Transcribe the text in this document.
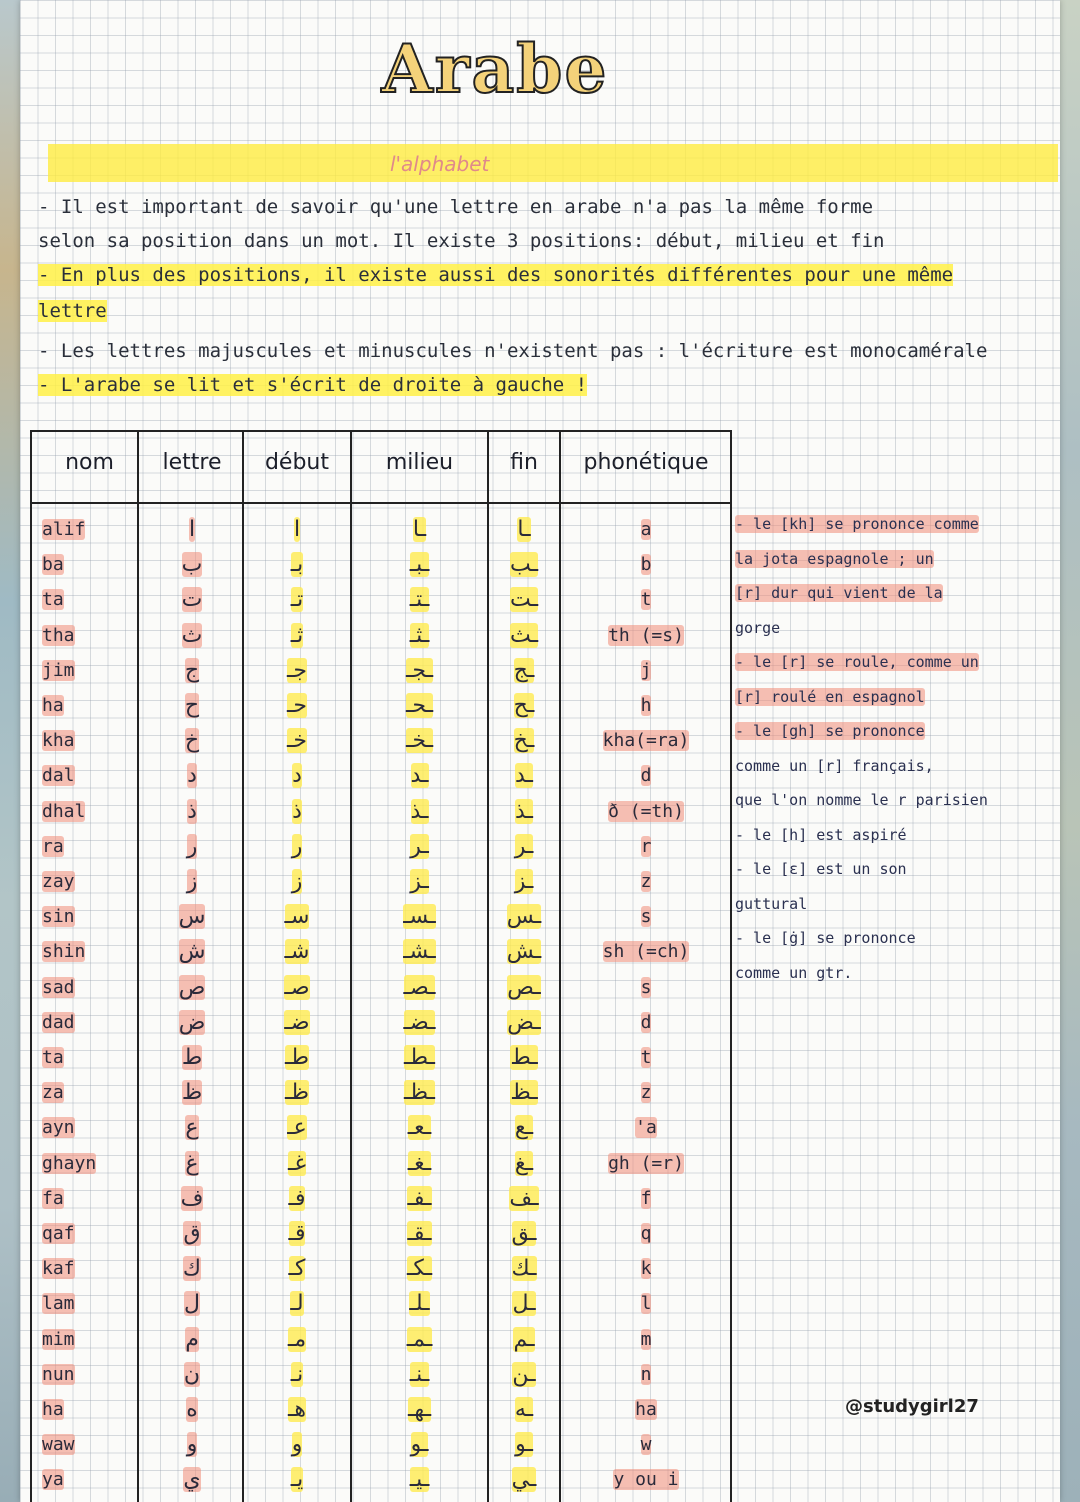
Arabe
l'alphabet
- Il est important de savoir qu'une lettre en arabe n'a pas la même forme
selon sa position dans un mot. Il existe 3 positions: début, milieu et fin
- En plus des positions, il existe aussi des sonorités différentes pour une même
lettre
- Les lettres majuscules et minuscules n'existent pas : l'écriture est monocamérale
- L'arabe se lit et s'écrit de droite à gauche !
nom	lettre	début	milieu	fin	phonétique
alif	ا	ا	ـا	ـا	a
ba	ب	بـ	ـبـ	ـب	b
ta	ت	تـ	ـتـ	ـت	t
tha	ث	ثـ	ـثـ	ـث	th (=s)
jim	ج	جـ	ـجـ	ـج	j
ha	ح	حـ	ـحـ	ـح	h
kha	خ	خـ	ـخـ	ـخ	kha(=ra)
dal	د	د	ـد	ـد	d
dhal	ذ	ذ	ـذ	ـذ	ð (=th)
ra	ر	ر	ـر	ـر	r
zay	ز	ز	ـز	ـز	z
sin	س	سـ	ـسـ	ـس	s
shin	ش	شـ	ـشـ	ـش	sh (=ch)
sad	ص	صـ	ـصـ	ـص	s
dad	ض	ضـ	ـضـ	ـض	d
ta	ط	طـ	ـطـ	ـط	t
za	ظ	ظـ	ـظـ	ـظ	z
ayn	ع	عـ	ـعـ	ـع	'a
ghayn	غ	غـ	ـغـ	ـغ	gh (=r)
fa	ف	فـ	ـفـ	ـف	f
qaf	ق	قـ	ـقـ	ـق	q
kaf	ك	كـ	ـكـ	ـك	k
lam	ل	لـ	ـلـ	ـل	l
mim	م	مـ	ـمـ	ـم	m
nun	ن	نـ	ـنـ	ـن	n
ha	ه	هـ	ـهـ	ـه	ha
waw	و	و	ـو	ـو	w
ya	ي	يـ	ـيـ	ـي	y ou i
- le [kh] se prononce comme
la jota espagnole ; un
[r] dur qui vient de la
gorge
- le [r] se roule, comme un
[r] roulé en espagnol
- le [gh] se prononce
comme un [r] français,
que l'on nomme le r parisien
- le [h] est aspiré
- le [ɛ] est un son
guttural
- le [ġ] se prononce
comme un gtr.
@studygirl27
